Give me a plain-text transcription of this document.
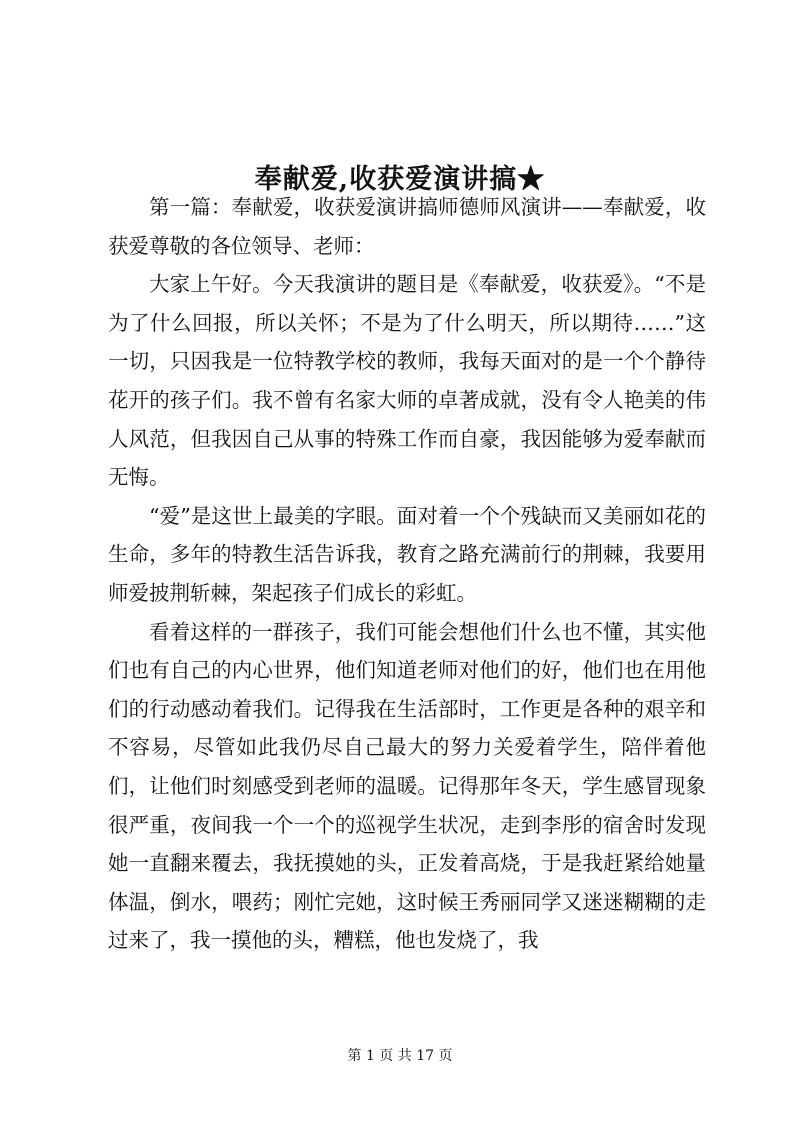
奉献爱,收获爱演讲搞★

第一篇：奉献爱，收获爱演讲搞师德师风演讲——奉献爱，收获爱尊敬的各位领导、老师：

大家上午好。今天我演讲的题目是《奉献爱，收获爱》。“不是为了什么回报，所以关怀；不是为了什么明天，所以期待……”这一切，只因我是一位特教学校的教师，我每天面对的是一个个静待花开的孩子们。我不曾有名家大师的卓著成就，没有令人艳美的伟人风范，但我因自己从事的特殊工作而自豪，我因能够为爱奉献而无悔。

“爱”是这世上最美的字眼。面对着一个个残缺而又美丽如花的生命，多年的特教生活告诉我，教育之路充满前行的荆棘，我要用师爱披荆斩棘，架起孩子们成长的彩虹。

看着这样的一群孩子，我们可能会想他们什么也不懂，其实他们也有自己的内心世界，他们知道老师对他们的好，他们也在用他们的行动感动着我们。记得我在生活部时，工作更是各种的艰辛和不容易，尽管如此我仍尽自己最大的努力关爱着学生，陪伴着他们，让他们时刻感受到老师的温暖。记得那年冬天，学生感冒现象很严重，夜间我一个一个的巡视学生状况，走到李彤的宿舍时发现她一直翻来覆去，我抚摸她的头，正发着高烧，于是我赶紧给她量体温，倒水，喂药；刚忙完她，这时候王秀丽同学又迷迷糊糊的走过来了，我一摸他的头，糟糕，他也发烧了，我

第 1 页 共 17 页
